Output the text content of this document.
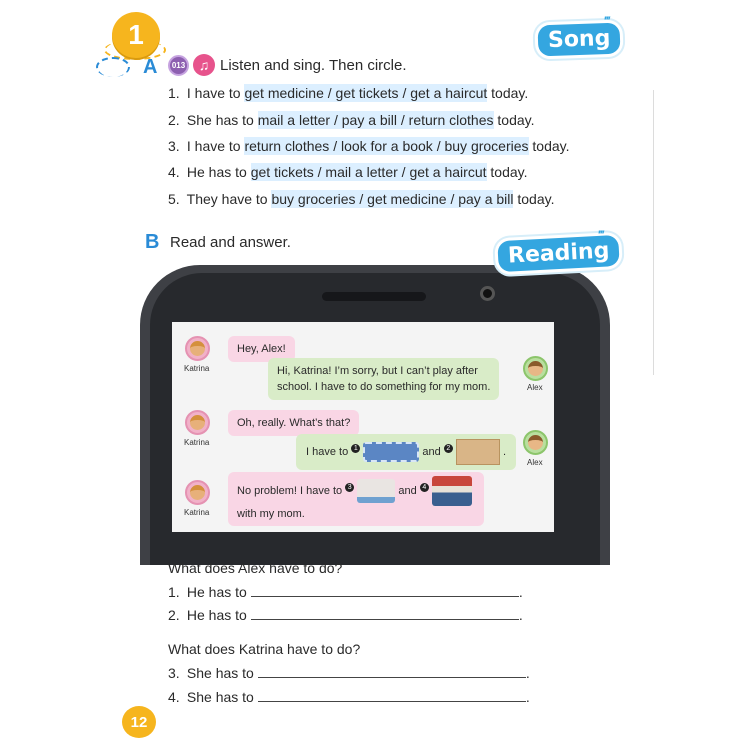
1	Song
′′′
A	013 ♫ Listen and sing. Then circle.
1. I have to get medicine / get tickets / get a haircut today.
2. She has to mail a letter / pay a bill / return clothes today.
3. I have to return clothes / look for a book / buy groceries today.
4. He has to get tickets / mail a letter / get a haircut today.
5. They have to buy groceries / get medicine / pay a bill today.
B Read and answer.	Reading
′′′
Katrina
Hey, Alex!
Hi, Katrina! I’m sorry, but I can’t play after
school. I have to do something for my mom.	Alex
Katrina
Oh, really. What’s that?
I have to 1	and 2	.
Alex
Katrina
No problem! I have to 3	and 4
with my mom.
What does Alex have to do?
1. He has to	.
2. He has to	.
What does Katrina have to do?
3. She has to	.
4. She has to	.
12
